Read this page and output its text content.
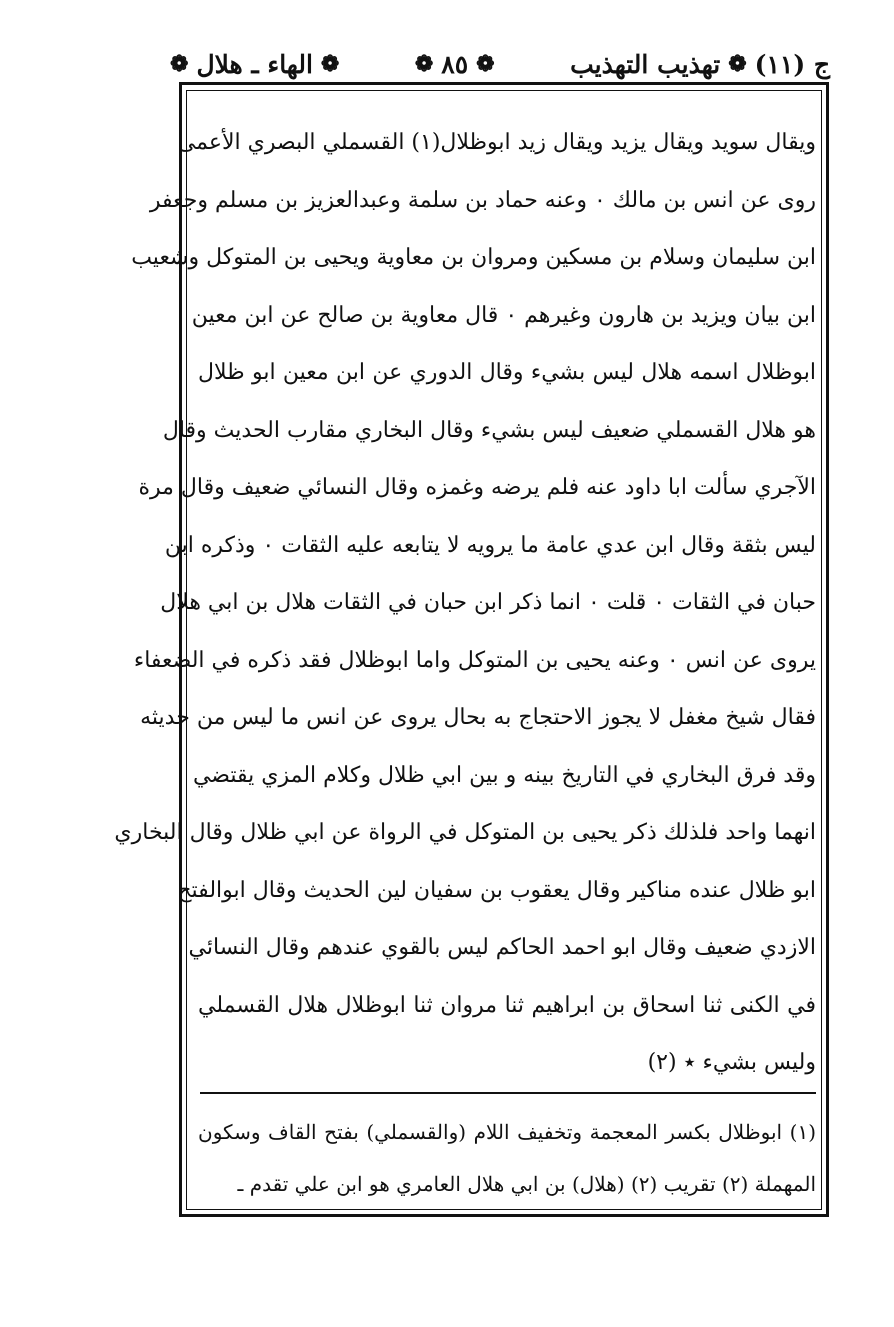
ج (١١)
❁
تهذيب التهذيب
❁
٨٥
❁
❁
الهاء ـ هلال
❁
ويقال سويد ويقال يزيد ويقال زيد ابوظلال(١) القسملي البصري الأعمى
روى عن انس بن مالك ٠ وعنه حماد بن سلمة وعبدالعزيز بن مسلم وجعفر
ابن سليمان وسلام بن مسكين ومروان بن معاوية ويحيى بن المتوكل وشعيب
ابن بيان ويزيد بن هارون وغيرهم ٠ قال معاوية بن صالح عن ابن معين
ابوظلال اسمه هلال ليس بشيء وقال الدوري عن ابن معين ابو ظلال
هو هلال القسملي ضعيف ليس بشيء وقال البخاري مقارب الحديث وقال
الآجري سألت ابا داود عنه فلم يرضه وغمزه وقال النسائي ضعيف وقال مرة
ليس بثقة وقال ابن عدي عامة ما يرويه لا يتابعه عليه الثقات ٠ وذكره ابن
حبان في الثقات ٠ قلت ٠ انما ذكر ابن حبان في الثقات هلال بن ابي هلال
يروى عن انس ٠ وعنه يحيى بن المتوكل واما ابوظلال فقد ذكره في الضعفاء
فقال شيخ مغفل لا يجوز الاحتجاج به بحال يروى عن انس ما ليس من حديثه
وقد فرق البخاري في التاريخ بينه و بين ابي ظلال وكلام المزي يقتضي
انهما واحد فلذلك ذكر يحيى بن المتوكل في الرواة عن ابي ظلال وقال البخاري
ابو ظلال عنده مناكير وقال يعقوب بن سفيان لين الحديث وقال ابوالفتح
الازدي ضعيف وقال ابو احمد الحاكم ليس بالقوي عندهم وقال النسائي
في الكنى ثنا اسحاق بن ابراهيم ثنا مروان ثنا ابوظلال هلال القسملي
وليس بشيء ٭ (٢)
(١) ابوظلال بكسر المعجمة وتخفيف اللام (والقسملي) بفتح القاف وسكون
المهملة (٢) تقريب (٢) (هلال) بن ابي هلال العامري هو ابن علي تقدم ـ
